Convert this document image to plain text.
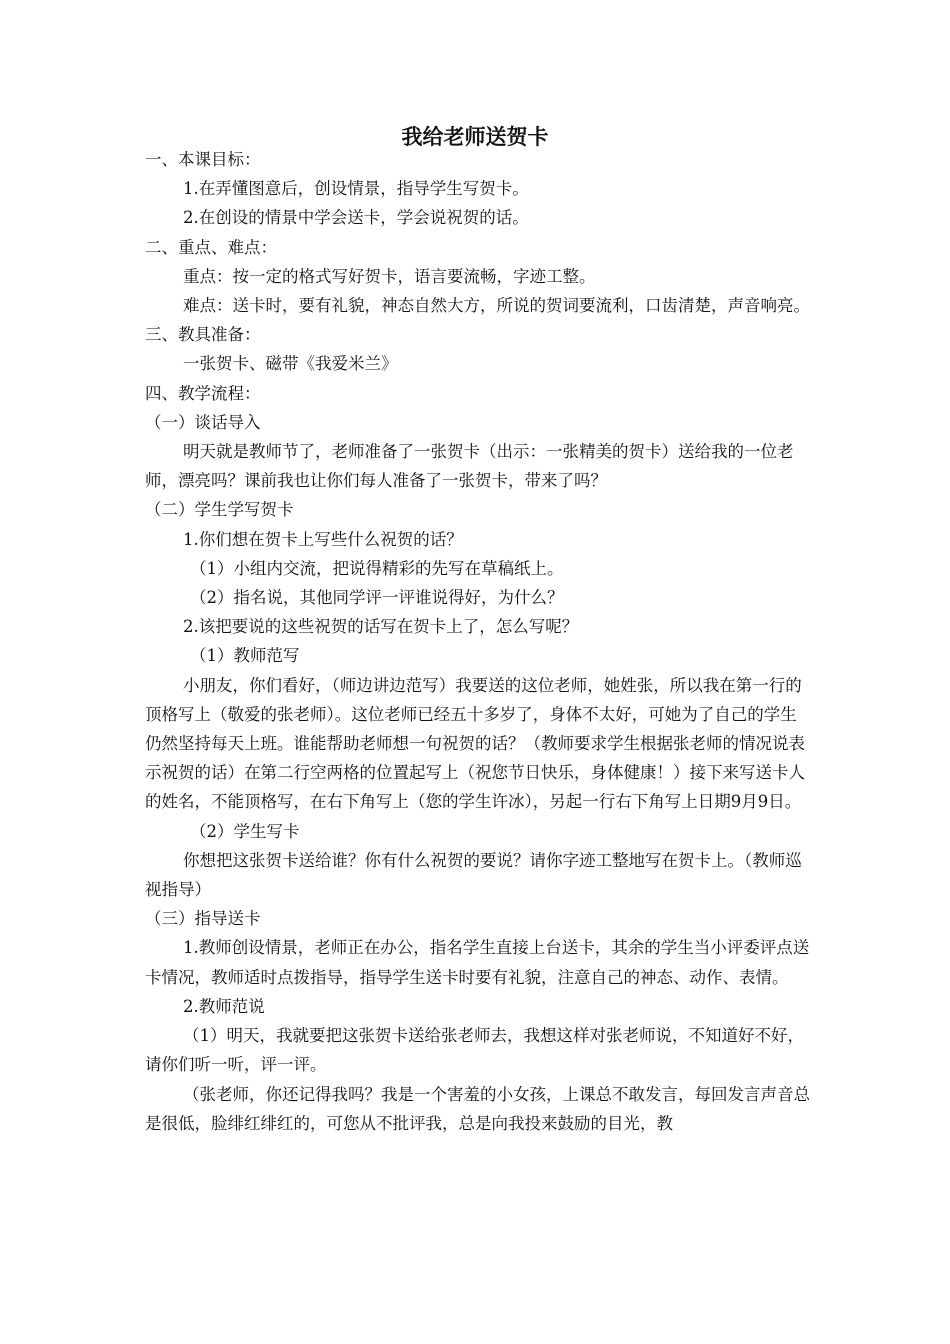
我给老师送贺卡

一、本课目标：

1.在弄懂图意后，创设情景，指导学生写贺卡。

2.在创设的情景中学会送卡，学会说祝贺的话。

二、重点、难点：

重点：按一定的格式写好贺卡，语言要流畅，字迹工整。

难点：送卡时，要有礼貌，神态自然大方，所说的贺词要流利，口齿清楚，声音响亮。

三、教具准备：

一张贺卡、磁带《我爱米兰》

四、教学流程：

（一）谈话导入

明天就是教师节了，老师准备了一张贺卡（出示：一张精美的贺卡）送给我的一位老师，漂亮吗？课前我也让你们每人准备了一张贺卡，带来了吗？

（二）学生学写贺卡

1.你们想在贺卡上写些什么祝贺的话？

（1）小组内交流，把说得精彩的先写在草稿纸上。

（2）指名说，其他同学评一评谁说得好，为什么？

2.该把要说的这些祝贺的话写在贺卡上了，怎么写呢？

（1）教师范写

小朋友，你们看好，（师边讲边范写）我要送的这位老师，她姓张，所以我在第一行的顶格写上（敬爱的张老师）。这位老师已经五十多岁了，身体不太好，可她为了自己的学生仍然坚持每天上班。谁能帮助老师想一句祝贺的话？（教师要求学生根据张老师的情况说表示祝贺的话）在第二行空两格的位置起写上（祝您节日快乐，身体健康！）接下来写送卡人的姓名，不能顶格写，在右下角写上（您的学生许冰），另起一行右下角写上日期9月9日。

（2）学生写卡

你想把这张贺卡送给谁？你有什么祝贺的要说？请你字迹工整地写在贺卡上。（教师巡视指导）

（三）指导送卡

1.教师创设情景，老师正在办公，指名学生直接上台送卡，其余的学生当小评委评点送卡情况，教师适时点拨指导，指导学生送卡时要有礼貌，注意自己的神态、动作、表情。

2.教师范说

（1）明天，我就要把这张贺卡送给张老师去，我想这样对张老师说，不知道好不好，请你们听一听，评一评。

（张老师，你还记得我吗？我是一个害羞的小女孩，上课总不敢发言，每回发言声音总是很低，脸绯红绯红的，可您从不批评我，总是向我投来鼓励的目光，教
